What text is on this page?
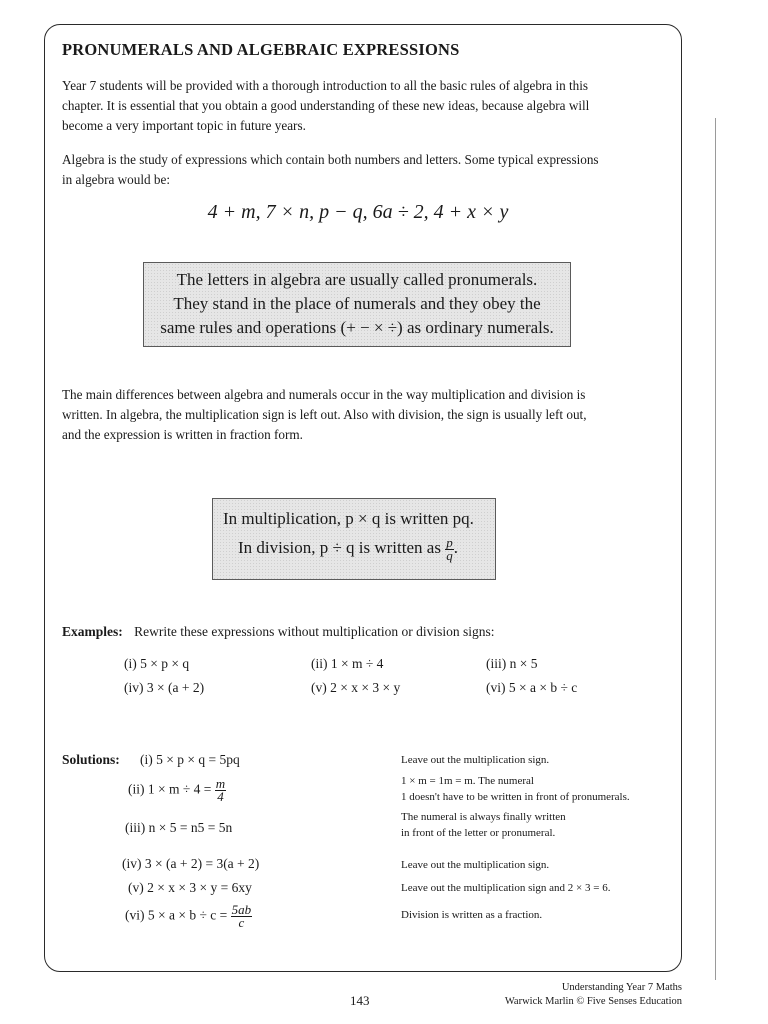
PRONUMERALS AND ALGEBRAIC EXPRESSIONS
Year 7 students will be provided with a thorough introduction to all the basic rules of algebra in this
chapter. It is essential that you obtain a good understanding of these new ideas, because algebra will
become a very important topic in future years.
Algebra is the study of expressions which contain both numbers and letters. Some typical expressions
in algebra would be:
4 + m, 7 × n, p − q, 6a ÷ 2, 4 + x × y
The letters in algebra are usually called pronumerals.
They stand in the place of numerals and they obey the
same rules and operations (+ − × ÷) as ordinary numerals.
The main differences between algebra and numerals occur in the way multiplication and division is
written. In algebra, the multiplication sign is left out. Also with division, the sign is usually left out,
and the expression is written in fraction form.
In multiplication, p × q is written pq.
In division, p ÷ q is written as $\frac{p}{q}$ .
Examples: Rewrite these expressions without multiplication or division signs:
(i) 5 × p × q	(ii) 1 × m ÷ 4	(iii) n × 5
(iv) 3 × (a + 2)	(v) 2 × x × 3 × y	(vi) 5 × a × b ÷ c
Solutions: (i) 5 × p × q = 5pq	Leave out the multiplication sign.
(ii) $1 \times m \div 4 = \frac{m}{4}$	1 × m = 1m = m. The numeral
1 doesn't have to be written in front of pronumerals.
(iii) n × 5 = n5 = 5n
The numeral is always finally written
in front of the letter or pronumeral.
(iv) 3 × (a + 2) = 3(a + 2)	Leave out the multiplication sign.
(v) 2 × x × 3 × y = 6xy	Leave out the multiplication sign and 2 × 3 = 6.
(vi) $5 \times a \times b \div c = \frac{5ab}{c}$	Division is written as a fraction.
143
Understanding Year 7 Maths
Warwick Marlin © Five Senses Education
